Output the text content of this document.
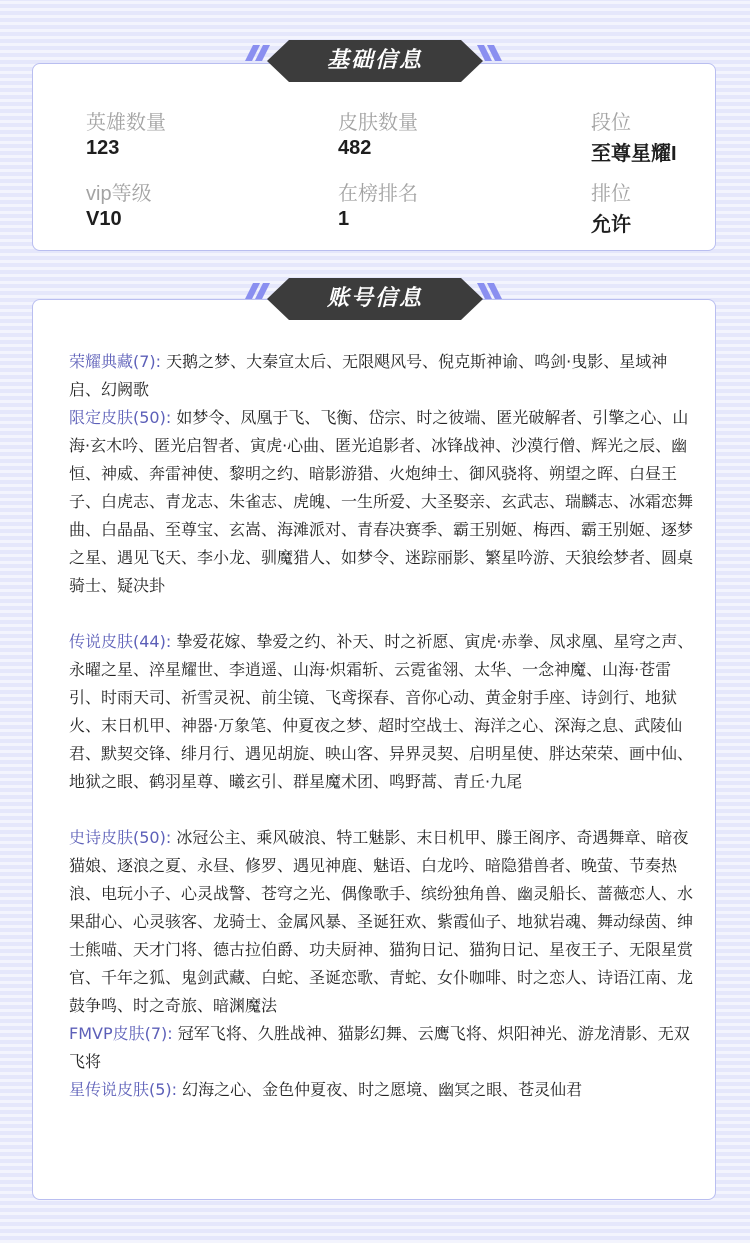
英雄数量
123
皮肤数量
482
段位
至尊星耀I
vip等级
V10
在榜排名
1
排位
允许
基础信息

荣耀典藏(7): 天鹅之梦、大秦宣太后、无限飓风号、倪克斯神谕、鸣剑·曳影、星域神启、幻阙歌

限定皮肤(50): 如梦令、凤凰于飞、飞衡、岱宗、时之彼端、匿光破解者、引擎之心、山海·玄木吟、匿光启智者、寅虎·心曲、匿光追影者、冰锋战神、沙漠行僧、辉光之辰、幽恒、神威、奔雷神使、黎明之约、暗影游猎、火炮绅士、御风骁将、朔望之晖、白昼王子、白虎志、青龙志、朱雀志、虎魄、一生所爱、大圣娶亲、玄武志、瑞麟志、冰霜恋舞曲、白晶晶、至尊宝、玄嵩、海滩派对、青春决赛季、霸王别姬、梅西、霸王别姬、逐梦之星、遇见飞天、李小龙、驯魔猎人、如梦令、迷踪丽影、繁星吟游、天狼绘梦者、圆桌骑士、疑决卦

传说皮肤(44): 挚爱花嫁、挚爱之约、补天、时之祈愿、寅虎·赤拳、凤求凰、星穹之声、永曜之星、淬星耀世、李逍遥、山海·炽霜斩、云霓雀翎、太华、一念神魔、山海·苍雷引、时雨天司、祈雪灵祝、前尘镜、飞鸢探春、音你心动、黄金射手座、诗剑行、地狱火、末日机甲、神器·万象笔、仲夏夜之梦、超时空战士、海洋之心、深海之息、武陵仙君、默契交锋、绯月行、遇见胡旋、映山客、异界灵契、启明星使、胖达荣荣、画中仙、地狱之眼、鹤羽星尊、曦玄引、群星魔术团、鸣野蒿、青丘·九尾

史诗皮肤(50): 冰冠公主、乘风破浪、特工魅影、末日机甲、滕王阁序、奇遇舞章、暗夜猫娘、逐浪之夏、永昼、修罗、遇见神鹿、魅语、白龙吟、暗隐猎兽者、晚萤、节奏热浪、电玩小子、心灵战警、苍穹之光、偶像歌手、缤纷独角兽、幽灵船长、蔷薇恋人、水果甜心、心灵骇客、龙骑士、金属风暴、圣诞狂欢、紫霞仙子、地狱岩魂、舞动绿茵、绅士熊喵、天才门将、德古拉伯爵、功夫厨神、猫狗日记、猫狗日记、星夜王子、无限星赏官、千年之狐、鬼剑武藏、白蛇、圣诞恋歌、青蛇、女仆咖啡、时之恋人、诗语江南、龙鼓争鸣、时之奇旅、暗渊魔法

FMVP皮肤(7): 冠军飞将、久胜战神、猫影幻舞、云鹰飞将、炽阳神光、游龙清影、无双飞将

星传说皮肤(5): 幻海之心、金色仲夏夜、时之愿境、幽冥之眼、苍灵仙君

账号信息
